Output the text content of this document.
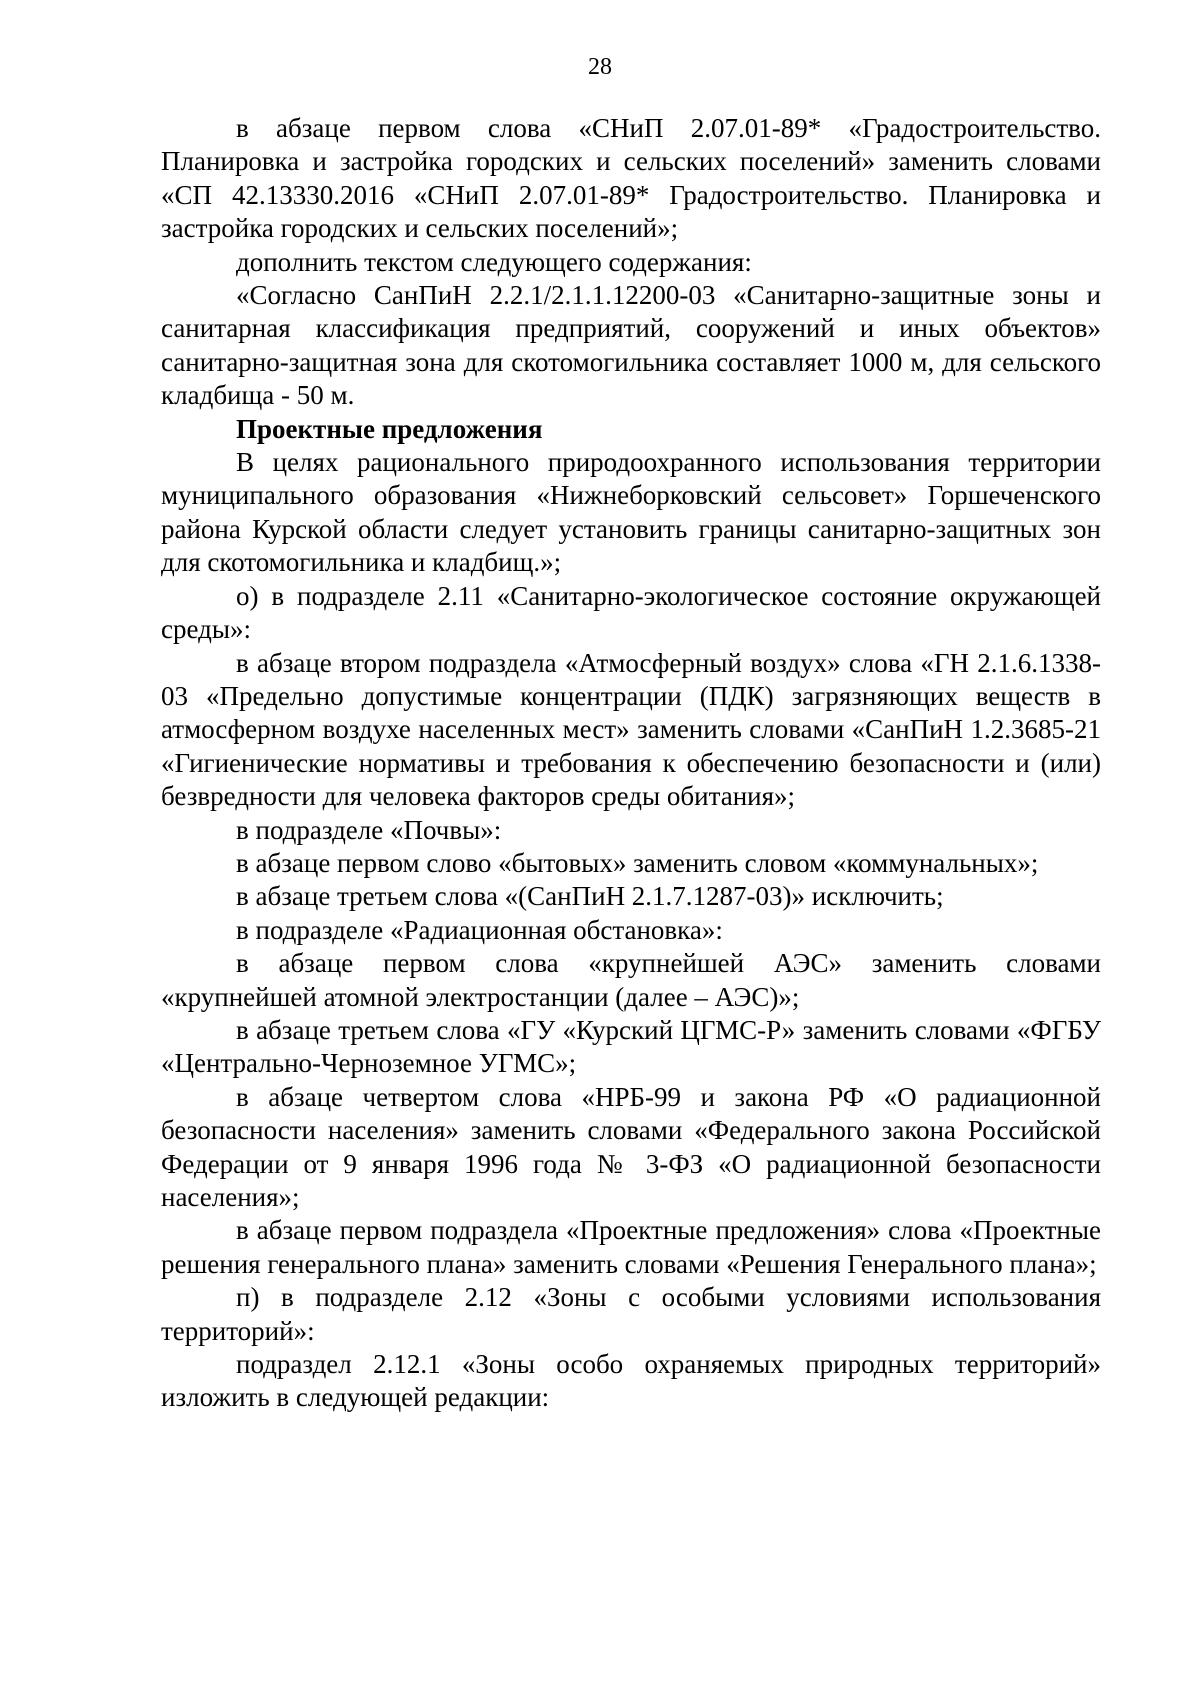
28

в абзаце первом слова «СНиП 2.07.01-89* «Градостроительство. Планировка и застройка городских и сельских поселений» заменить словами «СП 42.13330.2016 «СНиП 2.07.01-89* Градостроительство. Планировка и застройка городских и сельских поселений»;

дополнить текстом следующего содержания:

«Согласно СанПиН 2.2.1/2.1.1.12200-03 «Санитарно-защитные зоны и санитарная классификация предприятий, сооружений и иных объектов» санитарно-защитная зона для скотомогильника составляет 1000 м, для сельского кладбища - 50 м.

Проектные предложения

В целях рационального природоохранного использования территории муниципального образования «Нижнеборковский сельсовет» Горшеченского района Курской области следует установить границы санитарно-защитных зон для скотомогильника и кладбищ.»;

о) в подразделе 2.11 «Санитарно-экологическое состояние окружающей среды»:

в абзаце втором подраздела «Атмосферный воздух» слова «ГН 2.1.6.1338-03 «Предельно допустимые концентрации (ПДК) загрязняющих веществ в атмосферном воздухе населенных мест» заменить словами «СанПиН 1.2.3685-21 «Гигиенические нормативы и требования к обеспечению безопасности и (или) безвредности для человека факторов среды обитания»;

в подразделе «Почвы»:

в абзаце первом слово «бытовых» заменить словом «коммунальных»;

в абзаце третьем слова «(СанПиН 2.1.7.1287-03)» исключить;

в подразделе «Радиационная обстановка»:

в абзаце первом слова «крупнейшей АЭС» заменить словами «крупнейшей атомной электростанции (далее – АЭС)»;

в абзаце третьем слова «ГУ «Курский ЦГМС-Р» заменить словами «ФГБУ «Центрально-Черноземное УГМС»;

в абзаце четвертом слова «НРБ-99 и закона РФ «О радиационной безопасности населения» заменить словами «Федерального закона Российской Федерации от 9 января 1996 года № 3-ФЗ «О радиационной безопасности населения»;

в абзаце первом подраздела «Проектные предложения» слова «Проектные решения генерального плана» заменить словами «Решения Генерального плана»;

п) в подразделе 2.12 «Зоны с особыми условиями использования территорий»:

подраздел 2.12.1 «Зоны особо охраняемых природных территорий» изложить в следующей редакции:
